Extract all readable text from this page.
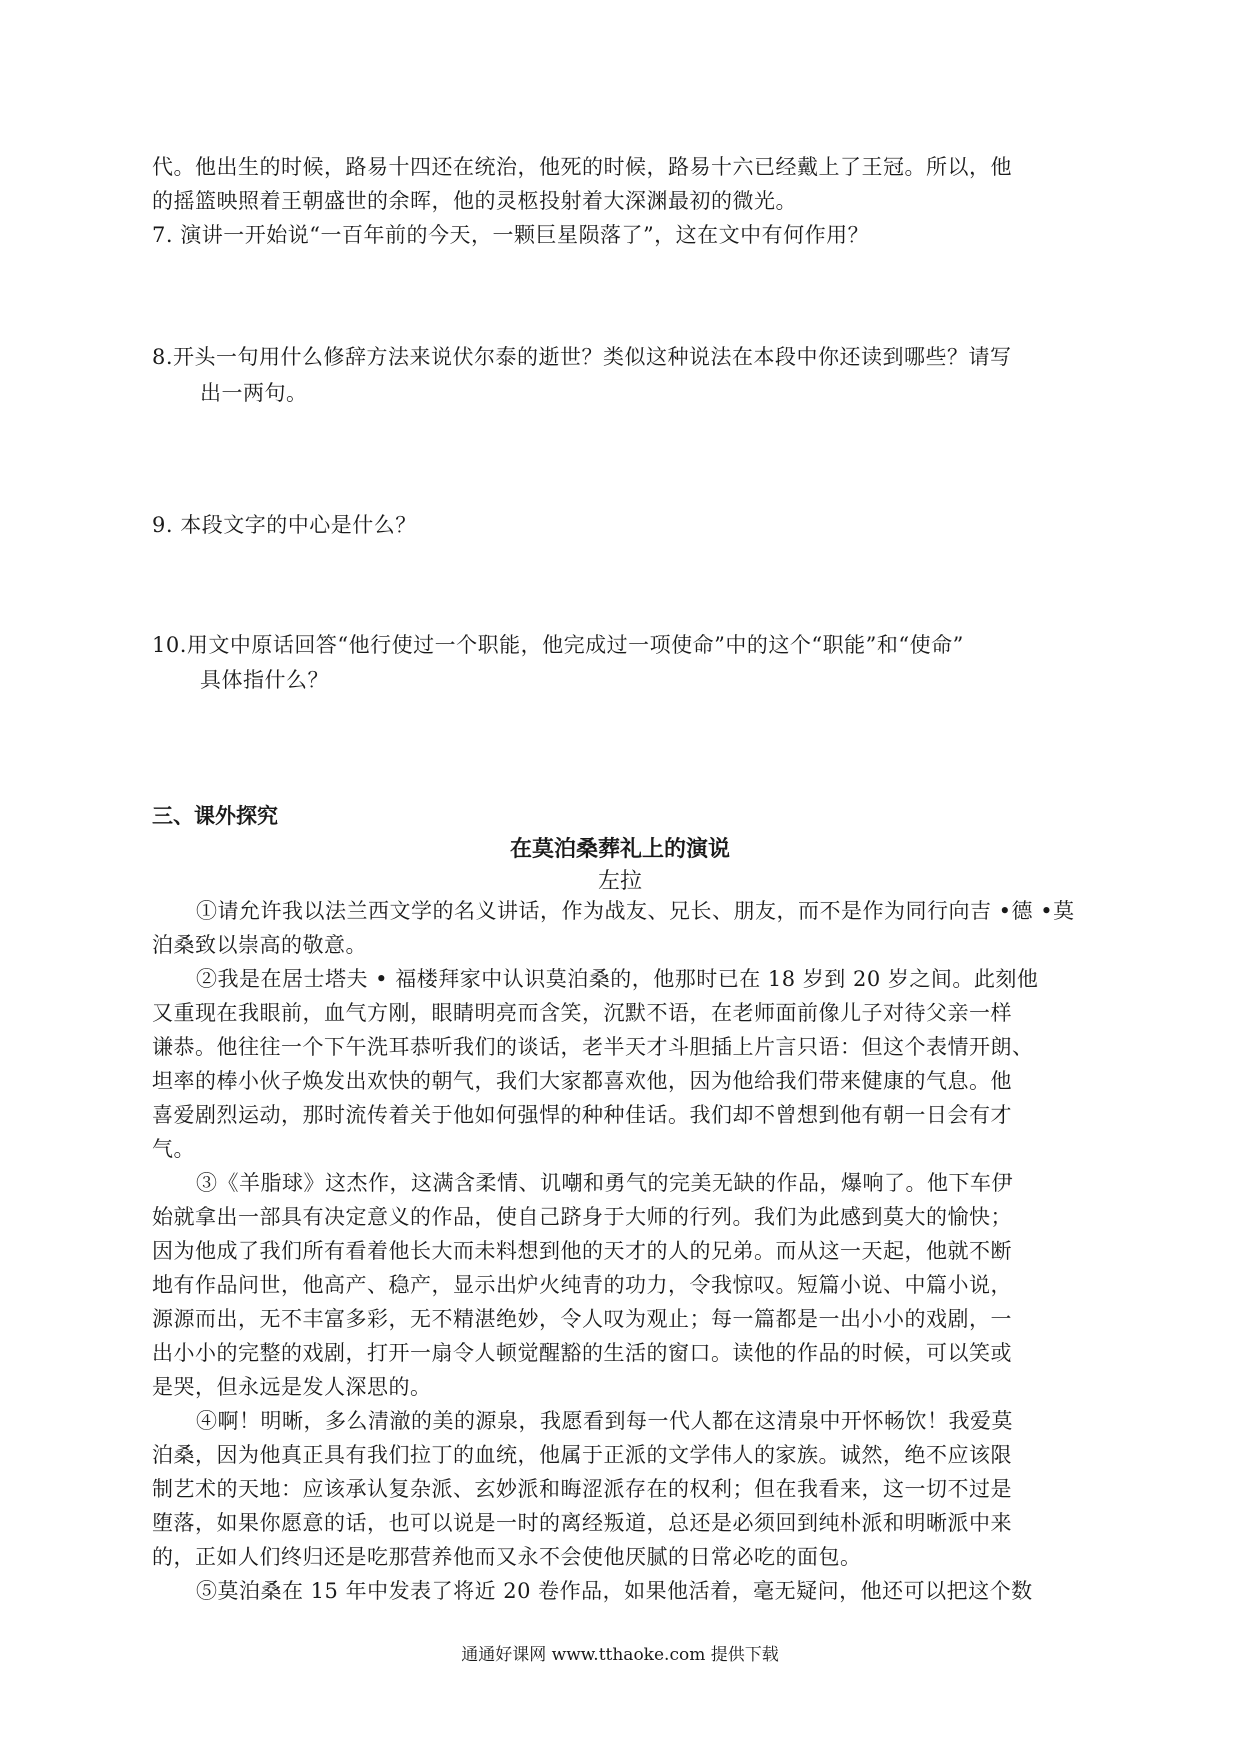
代。他出生的时候，路易十四还在统治，他死的时候，路易十六已经戴上了王冠。所以，他
的摇篮映照着王朝盛世的余晖，他的灵柩投射着大深渊最初的微光。
7. 演讲一开始说“一百年前的今天，一颗巨星陨落了”，这在文中有何作用？
8.开头一句用什么修辞方法来说伏尔泰的逝世？类似这种说法在本段中你还读到哪些？请写
出一两句。
9. 本段文字的中心是什么？
10.用文中原话回答“他行使过一个职能，他完成过一项使命”中的这个“职能”和“使命”
具体指什么？
三、课外探究
在莫泊桑葬礼上的演说
左拉
①请允许我以法兰西文学的名义讲话，作为战友、兄长、朋友，而不是作为同行向吉 •德 •莫
泊桑致以崇高的敬意。
②我是在居士塔夫 • 福楼拜家中认识莫泊桑的，他那时已在 18 岁到 20 岁之间。此刻他
又重现在我眼前，血气方刚，眼睛明亮而含笑，沉默不语，在老师面前像儿子对待父亲一样
谦恭。他往往一个下午洗耳恭听我们的谈话，老半天才斗胆插上片言只语：但这个表情开朗、
坦率的棒小伙子焕发出欢快的朝气，我们大家都喜欢他，因为他给我们带来健康的气息。他
喜爱剧烈运动，那时流传着关于他如何强悍的种种佳话。我们却不曾想到他有朝一日会有才
气。
③《羊脂球》这杰作，这满含柔情、讥嘲和勇气的完美无缺的作品，爆响了。他下车伊
始就拿出一部具有决定意义的作品，使自己跻身于大师的行列。我们为此感到莫大的愉快；
因为他成了我们所有看着他长大而未料想到他的天才的人的兄弟。而从这一天起，他就不断
地有作品问世，他高产、稳产，显示出炉火纯青的功力，令我惊叹。短篇小说、中篇小说，
源源而出，无不丰富多彩，无不精湛绝妙，令人叹为观止；每一篇都是一出小小的戏剧，一
出小小的完整的戏剧，打开一扇令人顿觉醒豁的生活的窗口。读他的作品的时候，可以笑或
是哭，但永远是发人深思的。
④啊！明晰，多么清澈的美的源泉，我愿看到每一代人都在这清泉中开怀畅饮！我爱莫
泊桑，因为他真正具有我们拉丁的血统，他属于正派的文学伟人的家族。诚然，绝不应该限
制艺术的天地：应该承认复杂派、玄妙派和晦涩派存在的权利；但在我看来，这一切不过是
堕落，如果你愿意的话，也可以说是一时的离经叛道，总还是必须回到纯朴派和明晰派中来
的，正如人们终归还是吃那营养他而又永不会使他厌腻的日常必吃的面包。
⑤莫泊桑在 15 年中发表了将近 20 卷作品，如果他活着，毫无疑问，他还可以把这个数
通通好课网 www.tthaoke.com 提供下载
